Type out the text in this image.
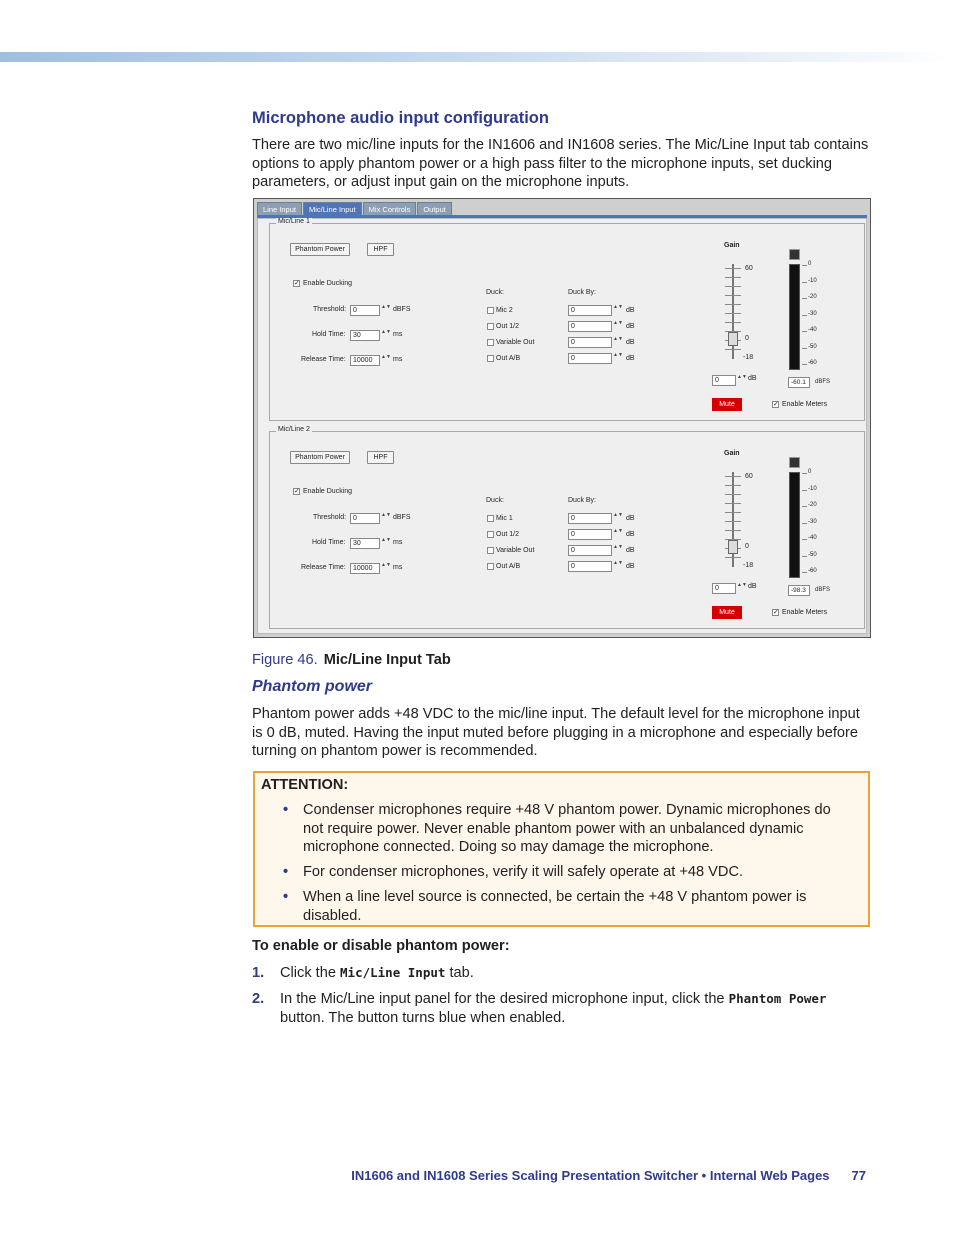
Microphone audio input configuration
There are two mic/line inputs for the IN1606 and IN1608 series. The Mic/Line Input tab contains options to apply phantom power or a high pass filter to the microphone inputs, set ducking parameters, or adjust input gain on the microphone inputs.
Line Input	Mic/Line Input	Mix Controls	Output
Mic/Line 1
Phantom Power	HPF
✓ Enable Ducking
Threshold: 0	▲▼ dBFS
Hold Time:	30	▲▼ ms
Release Time:	10000	▲▼ ms
Duck:	Duck By:
Mic 2	0	▲▼ dB
Out 1/2	0	▲▼ dB
Variable Out	0	▲▼ dB
Out A/B	0	▲▼ dB
Gain
60
0
-18
0	▲▼ dB
Mute
0
-10
-20
-30
-40
-50
-60
-60.1	dBFS
✓ Enable Meters
Mic/Line 2
Phantom Power	HPF
✓ Enable Ducking
Threshold: 0	▲▼ dBFS
Hold Time:	30	▲▼ ms
Release Time:	10000	▲▼ ms
Duck:	Duck By:
Mic 1	0	▲▼ dB
Out 1/2	0	▲▼ dB
Variable Out	0	▲▼ dB
Out A/B	0	▲▼ dB
Gain
60
0
-18
0	▲▼ dB
Mute
0
-10
-20
-30
-40
-50
-60
-98.3	dBFS
✓ Enable Meters
Figure 46. Mic/Line Input Tab
Phantom power
Phantom power adds +48 VDC to the mic/line input. The default level for the microphone input is 0 dB, muted. Having the input muted before plugging in a microphone and especially before turning on phantom power is recommended.
ATTENTION:
• Condenser microphones require +48 V phantom power. Dynamic microphones do not require power. Never enable phantom power with an unbalanced dynamic microphone connected. Doing so may damage the microphone.
• For condenser microphones, verify it will safely operate at +48 VDC.
• When a line level source is connected, be certain the +48 V phantom power is disabled.
To enable or disable phantom power:
1. Click the Mic/Line Input tab.
2. In the Mic/Line input panel for the desired microphone input, click the Phantom Power button. The button turns blue when enabled.
IN1606 and IN1608 Series Scaling Presentation Switcher • Internal Web Pages 77
